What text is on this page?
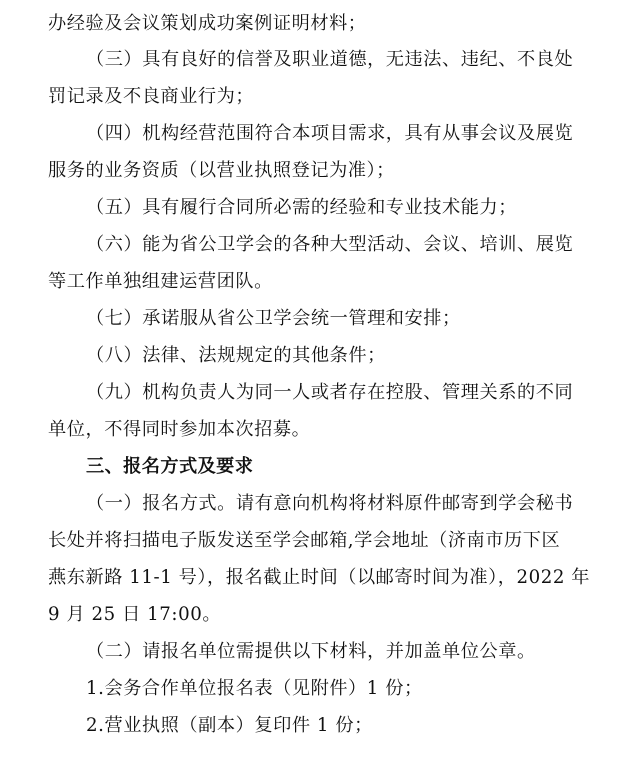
办经验及会议策划成功案例证明材料；
（三）具有良好的信誉及职业道德，无违法、违纪、不良处
罚记录及不良商业行为；
（四）机构经营范围符合本项目需求，具有从事会议及展览
服务的业务资质（以营业执照登记为准）；
（五）具有履行合同所必需的经验和专业技术能力；
（六）能为省公卫学会的各种大型活动、会议、培训、展览
等工作单独组建运营团队。
（七）承诺服从省公卫学会统一管理和安排；
（八）法律、法规规定的其他条件；
（九）机构负责人为同一人或者存在控股、管理关系的不同
单位，不得同时参加本次招募。
三、报名方式及要求
（一）报名方式。请有意向机构将材料原件邮寄到学会秘书
长处并将扫描电子版发送至学会邮箱,学会地址（济南市历下区
燕东新路 11-1 号），报名截止时间（以邮寄时间为准），2022 年
9 月 25 日 17:00。
（二）请报名单位需提供以下材料，并加盖单位公章。
1.会务合作单位报名表（见附件）1 份；
2.营业执照（副本）复印件 1 份；
